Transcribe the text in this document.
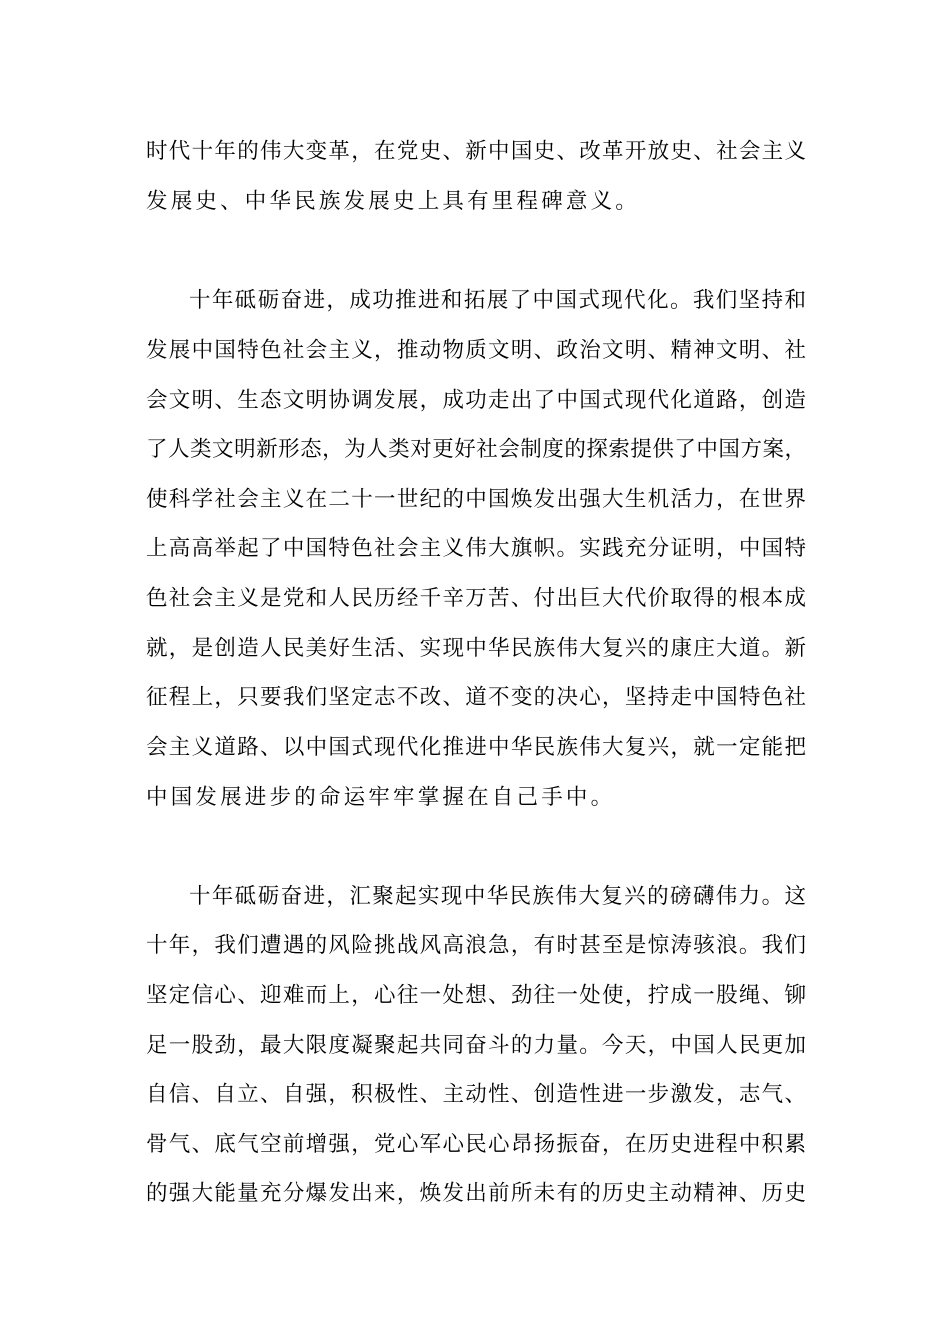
时代十年的伟大变革，在党史、新中国史、改革开放史、社会主义
发展史、中华民族发展史上具有里程碑意义。
十年砥砺奋进，成功推进和拓展了中国式现代化。我们坚持和
发展中国特色社会主义，推动物质文明、政治文明、精神文明、社
会文明、生态文明协调发展，成功走出了中国式现代化道路，创造
了人类文明新形态，为人类对更好社会制度的探索提供了中国方案，
使科学社会主义在二十一世纪的中国焕发出强大生机活力，在世界
上高高举起了中国特色社会主义伟大旗帜。实践充分证明，中国特
色社会主义是党和人民历经千辛万苦、付出巨大代价取得的根本成
就，是创造人民美好生活、实现中华民族伟大复兴的康庄大道。新
征程上，只要我们坚定志不改、道不变的决心，坚持走中国特色社
会主义道路、以中国式现代化推进中华民族伟大复兴，就一定能把
中国发展进步的命运牢牢掌握在自己手中。
十年砥砺奋进，汇聚起实现中华民族伟大复兴的磅礴伟力。这
十年，我们遭遇的风险挑战风高浪急，有时甚至是惊涛骇浪。我们
坚定信心、迎难而上，心往一处想、劲往一处使，拧成一股绳、铆
足一股劲，最大限度凝聚起共同奋斗的力量。今天，中国人民更加
自信、自立、自强，积极性、主动性、创造性进一步激发，志气、
骨气、底气空前增强，党心军心民心昂扬振奋，在历史进程中积累
的强大能量充分爆发出来，焕发出前所未有的历史主动精神、历史
